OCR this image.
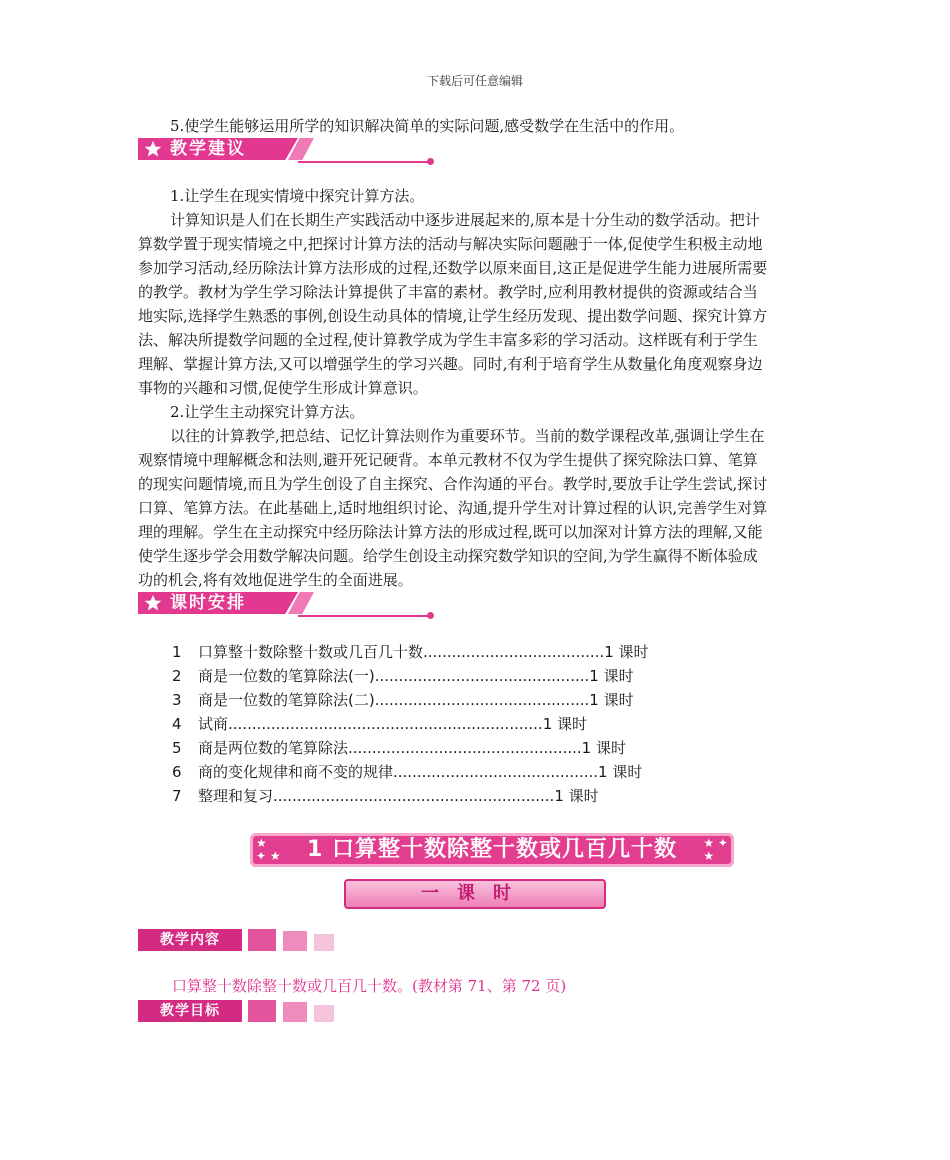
下载后可任意编辑

5.使学生能够运用所学的知识解决简单的实际问题,感受数学在生活中的作用。

教学建议
1.让学生在现实情境中探究计算方法。
计算知识是人们在长期生产实践活动中逐步进展起来的,原本是十分生动的数学活动。把计
算数学置于现实情境之中,把探讨计算方法的活动与解决实际问题融于一体,促使学生积极主动地
参加学习活动,经历除法计算方法形成的过程,还数学以原来面目,这正是促进学生能力进展所需要
的教学。教材为学生学习除法计算提供了丰富的素材。教学时,应利用教材提供的资源或结合当
地实际,选择学生熟悉的事例,创设生动具体的情境,让学生经历发现、提出数学问题、探究计算方
法、解决所提数学问题的全过程,使计算教学成为学生丰富多彩的学习活动。这样既有利于学生
理解、掌握计算方法,又可以增强学生的学习兴趣。同时,有利于培育学生从数量化角度观察身边
事物的兴趣和习惯,促使学生形成计算意识。
2.让学生主动探究计算方法。
以往的计算教学,把总结、记忆计算法则作为重要环节。当前的数学课程改革,强调让学生在
观察情境中理解概念和法则,避开死记硬背。本单元教材不仅为学生提供了探究除法口算、笔算
的现实问题情境,而且为学生创设了自主探究、合作沟通的平台。教学时,要放手让学生尝试,探讨
口算、笔算方法。在此基础上,适时地组织讨论、沟通,提升学生对计算过程的认识,完善学生对算
理的理解。学生在主动探究中经历除法计算方法的形成过程,既可以加深对计算方法的理解,又能
使学生逐步学会用数学解决问题。给学生创设主动探究数学知识的空间,为学生赢得不断体验成
功的机会,将有效地促进学生的全面进展。
课时安排
1 口算整十数除整十数或几百几十数......................................1 课时
2 商是一位数的笔算除法(一).............................................1 课时
3 商是一位数的笔算除法(二).............................................1 课时
4 试商..................................................................1 课时
5 商是两位数的笔算除法.................................................1 课时
6 商的变化规律和商不变的规律...........................................1 课时
7 整理和复习...........................................................1 课时
★
✦ ★	1 口算整十数除整十数或几百几十数	★ ✦
★
一课时
教学内容
口算整十数除整十数或几百几十数。(教材第 71、第 72 页)
教学目标
